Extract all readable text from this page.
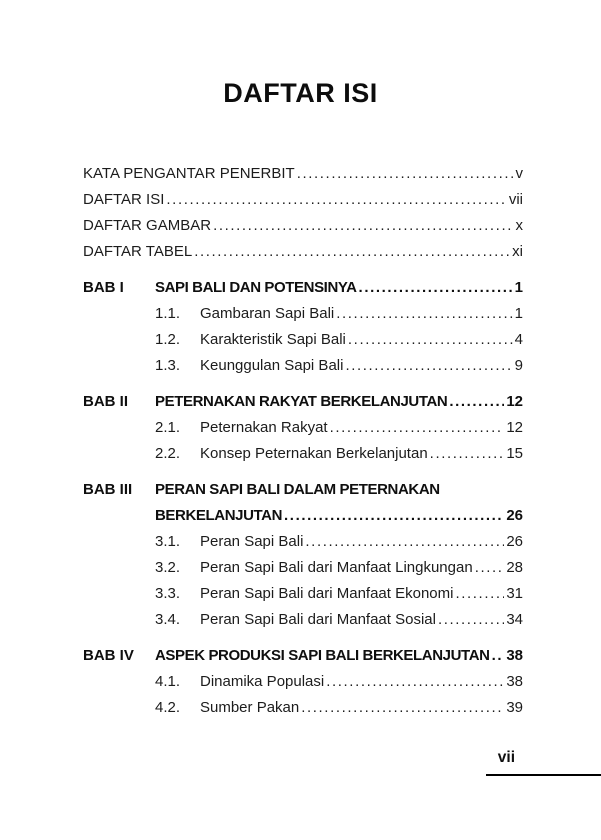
DAFTAR ISI
KATA PENGANTAR PENERBIT .....	v
DAFTAR ISI .....	vii
DAFTAR GAMBAR .....	x
DAFTAR TABEL .....	xi
BAB I	SAPI BALI DAN POTENSINYA .....	1
1.1.	Gambaran Sapi Bali .....	1
1.2.	Karakteristik Sapi Bali .....	4
1.3.	Keunggulan Sapi Bali .....	9
BAB II	PETERNAKAN RAKYAT BERKELANJUTAN .....	12
2.1.	Peternakan Rakyat .....	12
2.2.	Konsep Peternakan Berkelanjutan .....	15
BAB III	PERAN SAPI BALI DALAM PETERNAKAN
BERKELANJUTAN .....	26
3.1.	Peran Sapi Bali .....	26
3.2.	Peran Sapi Bali dari Manfaat Lingkungan ..... 28
3.3.	Peran Sapi Bali dari Manfaat Ekonomi .....	31
3.4.	Peran Sapi Bali dari Manfaat Sosial .....	34
BAB IV	ASPEK PRODUKSI SAPI BALI BERKELANJUTAN ..... 38
4.1.	Dinamika Populasi .....	38
4.2.	Sumber Pakan .....	39
vii
